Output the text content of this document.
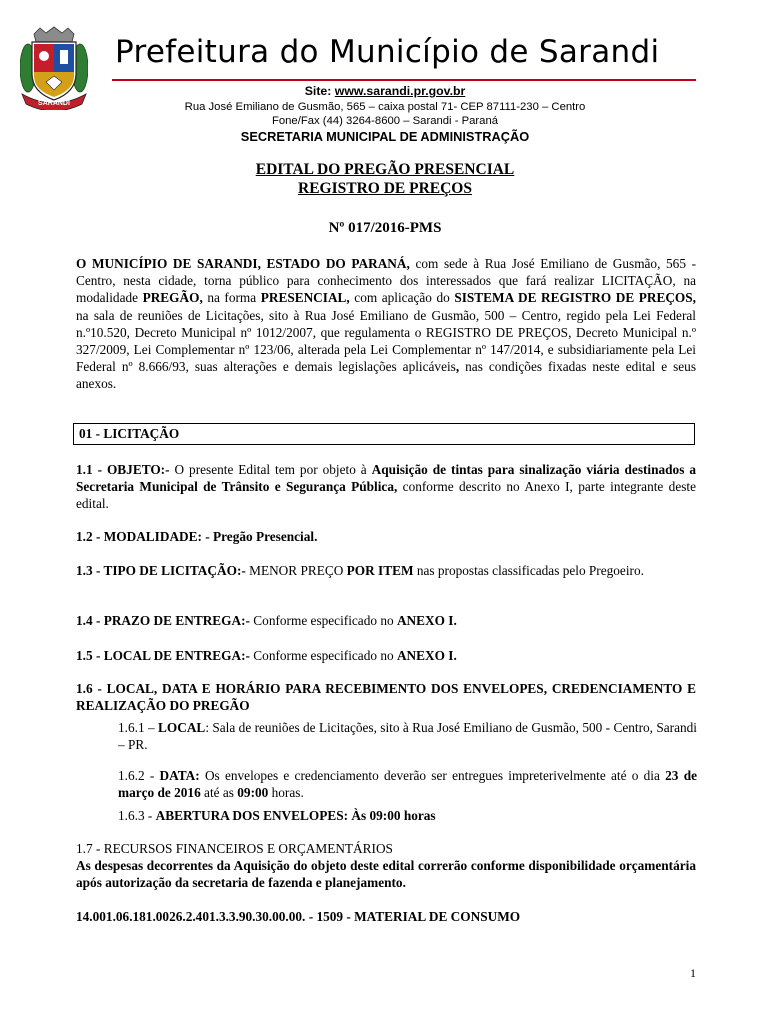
SARANDI
Prefeitura do Município de Sarandi
Site: www.sarandi.pr.gov.br
Rua José Emiliano de Gusmão, 565 – caixa postal 71- CEP 87111-230 – Centro
Fone/Fax (44) 3264-8600 – Sarandi - Paraná
SECRETARIA MUNICIPAL DE ADMINISTRAÇÃO
EDITAL DO PREGÃO PRESENCIAL
REGISTRO DE PREÇOS
Nº 017/2016-PMS

O MUNICÍPIO DE SARANDI, ESTADO DO PARANÁ, com sede à Rua José Emiliano de Gusmão, 565 - Centro, nesta cidade, torna público para conhecimento dos interessados que fará realizar LICITAÇÃO, na modalidade PREGÃO, na forma PRESENCIAL, com aplicação do SISTEMA DE REGISTRO DE PREÇOS, na sala de reuniões de Licitações, sito à Rua José Emiliano de Gusmão, 500 – Centro, regido pela Lei Federal n.º10.520, Decreto Municipal nº 1012/2007, que regulamenta o REGISTRO DE PREÇOS, Decreto Municipal n.º 327/2009, Lei Complementar nº 123/06, alterada pela Lei Complementar nº 147/2014, e subsidiariamente pela Lei Federal nº 8.666/93, suas alterações e demais legislações aplicáveis, nas condições fixadas neste edital e seus anexos.

01 - LICITAÇÃO

1.1 - OBJETO:- O presente Edital tem por objeto à Aquisição de tintas para sinalização viária destinados a Secretaria Municipal de Trânsito e Segurança Pública, conforme descrito no Anexo I, parte integrante deste edital.

1.2 - MODALIDADE: - Pregão Presencial.

1.3 - TIPO DE LICITAÇÃO:- MENOR PREÇO POR ITEM nas propostas classificadas pelo Pregoeiro.

1.4 - PRAZO DE ENTREGA:- Conforme especificado no ANEXO I.

1.5 - LOCAL DE ENTREGA:- Conforme especificado no ANEXO I.

1.6 - LOCAL, DATA E HORÁRIO PARA RECEBIMENTO DOS ENVELOPES, CREDENCIAMENTO E REALIZAÇÃO DO PREGÃO

1.6.1 – LOCAL: Sala de reuniões de Licitações, sito à Rua José Emiliano de Gusmão, 500 - Centro, Sarandi – PR.

1.6.2 - DATA: Os envelopes e credenciamento deverão ser entregues impreterivelmente até o dia 23 de março de 2016 até as 09:00 horas.

1.6.3 - ABERTURA DOS ENVELOPES: Às 09:00 horas

1.7 - RECURSOS FINANCEIROS E ORÇAMENTÁRIOS

As despesas decorrentes da Aquisição do objeto deste edital correrão conforme disponibilidade orçamentária após autorização da secretaria de fazenda e planejamento.

14.001.06.181.0026.2.401.3.3.90.30.00.00. - 1509 - MATERIAL DE CONSUMO

1
